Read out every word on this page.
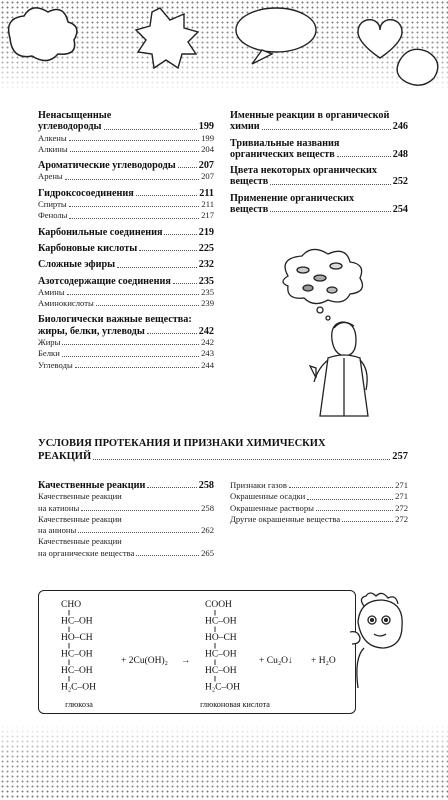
Ненасыщенные
углеводороды	199
Алкены	199
Алкины	204
Ароматические углеводороды 207
Арены	207
Гидроксосоединения	211
Спирты	211
Фенолы	217
Карбонильные соединения	219
Карбоновые кислоты	225
Сложные эфиры	232
Азотсодержащие соединения	235
Амины	235
Аминокислоты	239
Биологически важные вещества:
жиры, белки, углеводы	242
Жиры	242
Белки	243
Углеводы	244
Именные реакции в органической
химии	246
Тривиальные названия
органических веществ	248
Цвета некоторых органических
веществ	252
Применение органических
веществ	254
УСЛОВИЯ ПРОТЕКАНИЯ И ПРИЗНАКИ ХИМИЧЕСКИХ
РЕАКЦИЙ	257
Качественные реакции	258
Качественные реакции
на катионы	258
Качественные реакции
на анионы	262
Качественные реакции
на органические вещества	265
Признаки газов	271
Окрашенные осадки	271
Окрашенные растворы	272
Другие окрашенные вещества	272
CHO
HC–OH
HO–CH
HC–OH
HC–OH
H₂C–OH
+ 2Cu(OH)₂ →
COOH
HC–OH
HO–CH
HC–OH
HC–OH
H₂C–OH
+ Cu₂O↓ + H₂O
глюкоза	глюконовая кислота
